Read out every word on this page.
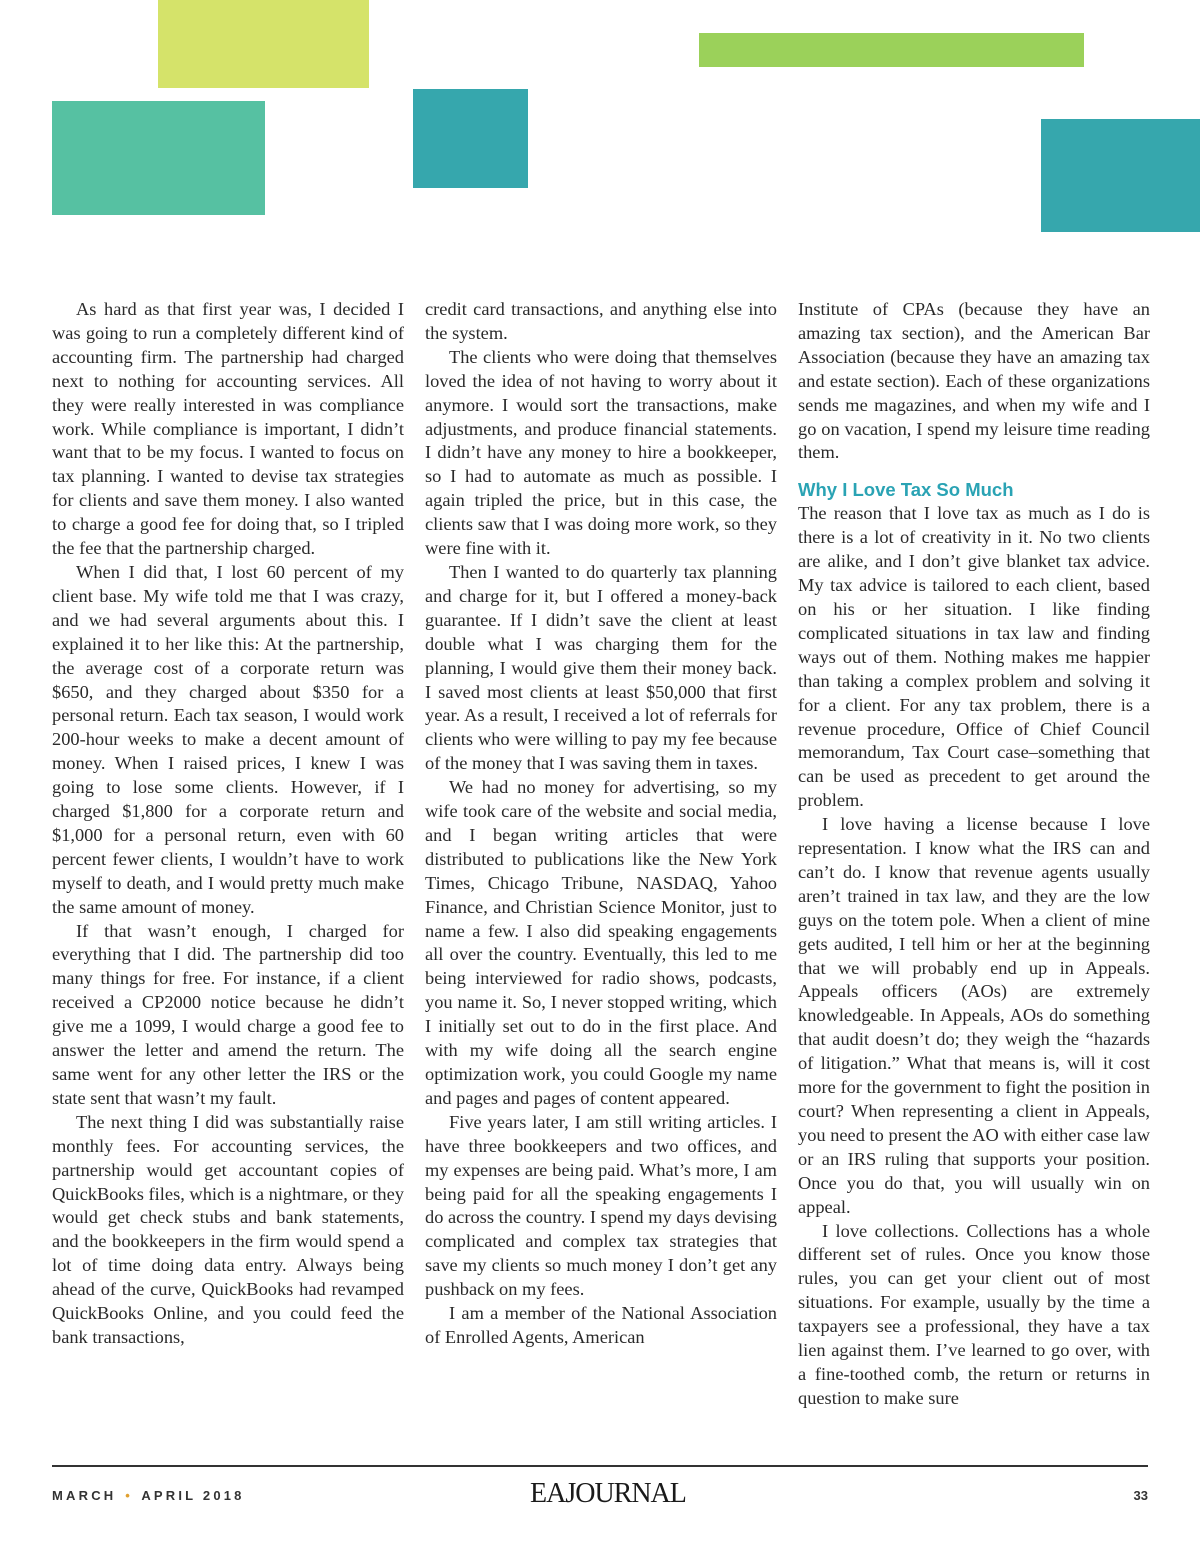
As hard as that first year was, I decided I was going to run a completely different kind of accounting firm. The partnership had charged next to nothing for accounting services. All they were really interested in was compliance work. While compliance is important, I didn’t want that to be my focus. I wanted to focus on tax planning. I wanted to devise tax strategies for clients and save them money. I also wanted to charge a good fee for doing that, so I tripled the fee that the partnership charged.

When I did that, I lost 60 percent of my client base. My wife told me that I was crazy, and we had several arguments about this. I explained it to her like this: At the partnership, the average cost of a corporate return was $650, and they charged about $350 for a personal return. Each tax season, I would work 200-hour weeks to make a decent amount of money. When I raised prices, I knew I was going to lose some clients. However, if I charged $1,800 for a corporate return and $1,000 for a personal return, even with 60 percent fewer clients, I wouldn’t have to work myself to death, and I would pretty much make the same amount of money.

If that wasn’t enough, I charged for everything that I did. The partnership did too many things for free. For instance, if a client received a CP2000 notice because he didn’t give me a 1099, I would charge a good fee to answer the letter and amend the return. The same went for any other letter the IRS or the state sent that wasn’t my fault.

The next thing I did was substantially raise monthly fees. For accounting services, the partnership would get accountant copies of QuickBooks files, which is a nightmare, or they would get check stubs and bank statements, and the bookkeepers in the firm would spend a lot of time doing data entry. Always being ahead of the curve, QuickBooks had revamped QuickBooks Online, and you could feed the bank transactions,

credit card transactions, and anything else into the system.

The clients who were doing that themselves loved the idea of not having to worry about it anymore. I would sort the transactions, make adjustments, and produce financial statements. I didn’t have any money to hire a bookkeeper, so I had to automate as much as possible. I again tripled the price, but in this case, the clients saw that I was doing more work, so they were fine with it.

Then I wanted to do quarterly tax planning and charge for it, but I offered a money-back guarantee. If I didn’t save the client at least double what I was charging them for the planning, I would give them their money back. I saved most clients at least $50,000 that first year. As a result, I received a lot of referrals for clients who were willing to pay my fee because of the money that I was saving them in taxes.

We had no money for advertising, so my wife took care of the website and social media, and I began writing articles that were distributed to publications like the New York Times, Chicago Tribune, NASDAQ, Yahoo Finance, and Christian Science Monitor, just to name a few. I also did speaking engagements all over the country. Eventually, this led to me being interviewed for radio shows, podcasts, you name it. So, I never stopped writing, which I initially set out to do in the first place. And with my wife doing all the search engine optimization work, you could Google my name and pages and pages of content appeared.

Five years later, I am still writing articles. I have three bookkeepers and two offices, and my expenses are being paid. What’s more, I am being paid for all the speaking engagements I do across the country. I spend my days devising complicated and complex tax strategies that save my clients so much money I don’t get any pushback on my fees.

I am a member of the National Association of Enrolled Agents, American

Institute of CPAs (because they have an amazing tax section), and the American Bar Association (because they have an amazing tax and estate section). Each of these organizations sends me magazines, and when my wife and I go on vacation, I spend my leisure time reading them.

Why I Love Tax So Much

The reason that I love tax as much as I do is there is a lot of creativity in it. No two clients are alike, and I don’t give blanket tax advice. My tax advice is tailored to each client, based on his or her situation. I like finding complicated situations in tax law and finding ways out of them. Nothing makes me happier than taking a complex problem and solving it for a client. For any tax problem, there is a revenue procedure, Office of Chief Council memorandum, Tax Court case–something that can be used as precedent to get around the problem.

I love having a license because I love representation. I know what the IRS can and can’t do. I know that revenue agents usually aren’t trained in tax law, and they are the low guys on the totem pole. When a client of mine gets audited, I tell him or her at the beginning that we will probably end up in Appeals. Appeals officers (AOs) are extremely knowledgeable. In Appeals, AOs do something that audit doesn’t do; they weigh the “hazards of litigation.” What that means is, will it cost more for the government to fight the position in court? When representing a client in Appeals, you need to present the AO with either case law or an IRS ruling that supports your position. Once you do that, you will usually win on appeal.

I love collections. Collections has a whole different set of rules. Once you know those rules, you can get your client out of most situations. For example, usually by the time a taxpayers see a professional, they have a tax lien against them. I’ve learned to go over, with a fine-toothed comb, the return or returns in question to make sure

MARCH • APRIL 2018	EAJOURNAL	33
